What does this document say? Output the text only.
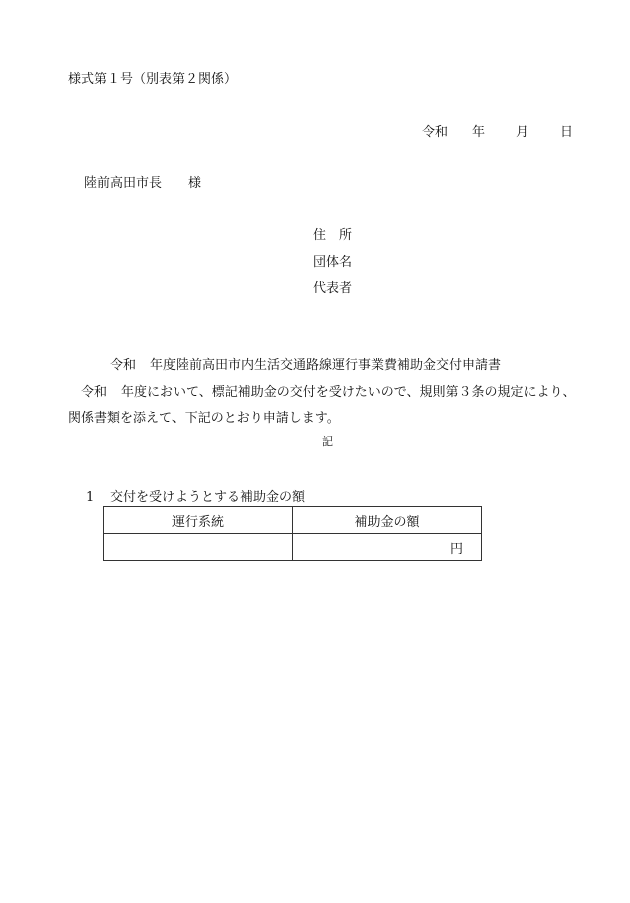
様式第１号（別表第２関係）
令和 年 月 日
陸前高田市長 様
住　所
団体名
代表者
令和 年度陸前高田市内生活交通路線運行事業費補助金交付申請書
　令和 年度において、標記補助金の交付を受けたいので、規則第３条の規定により、関係書類を添えて、下記のとおり申請します。
記
1 交付を受けようとする補助金の額
運行系統	補助金の額
	円
